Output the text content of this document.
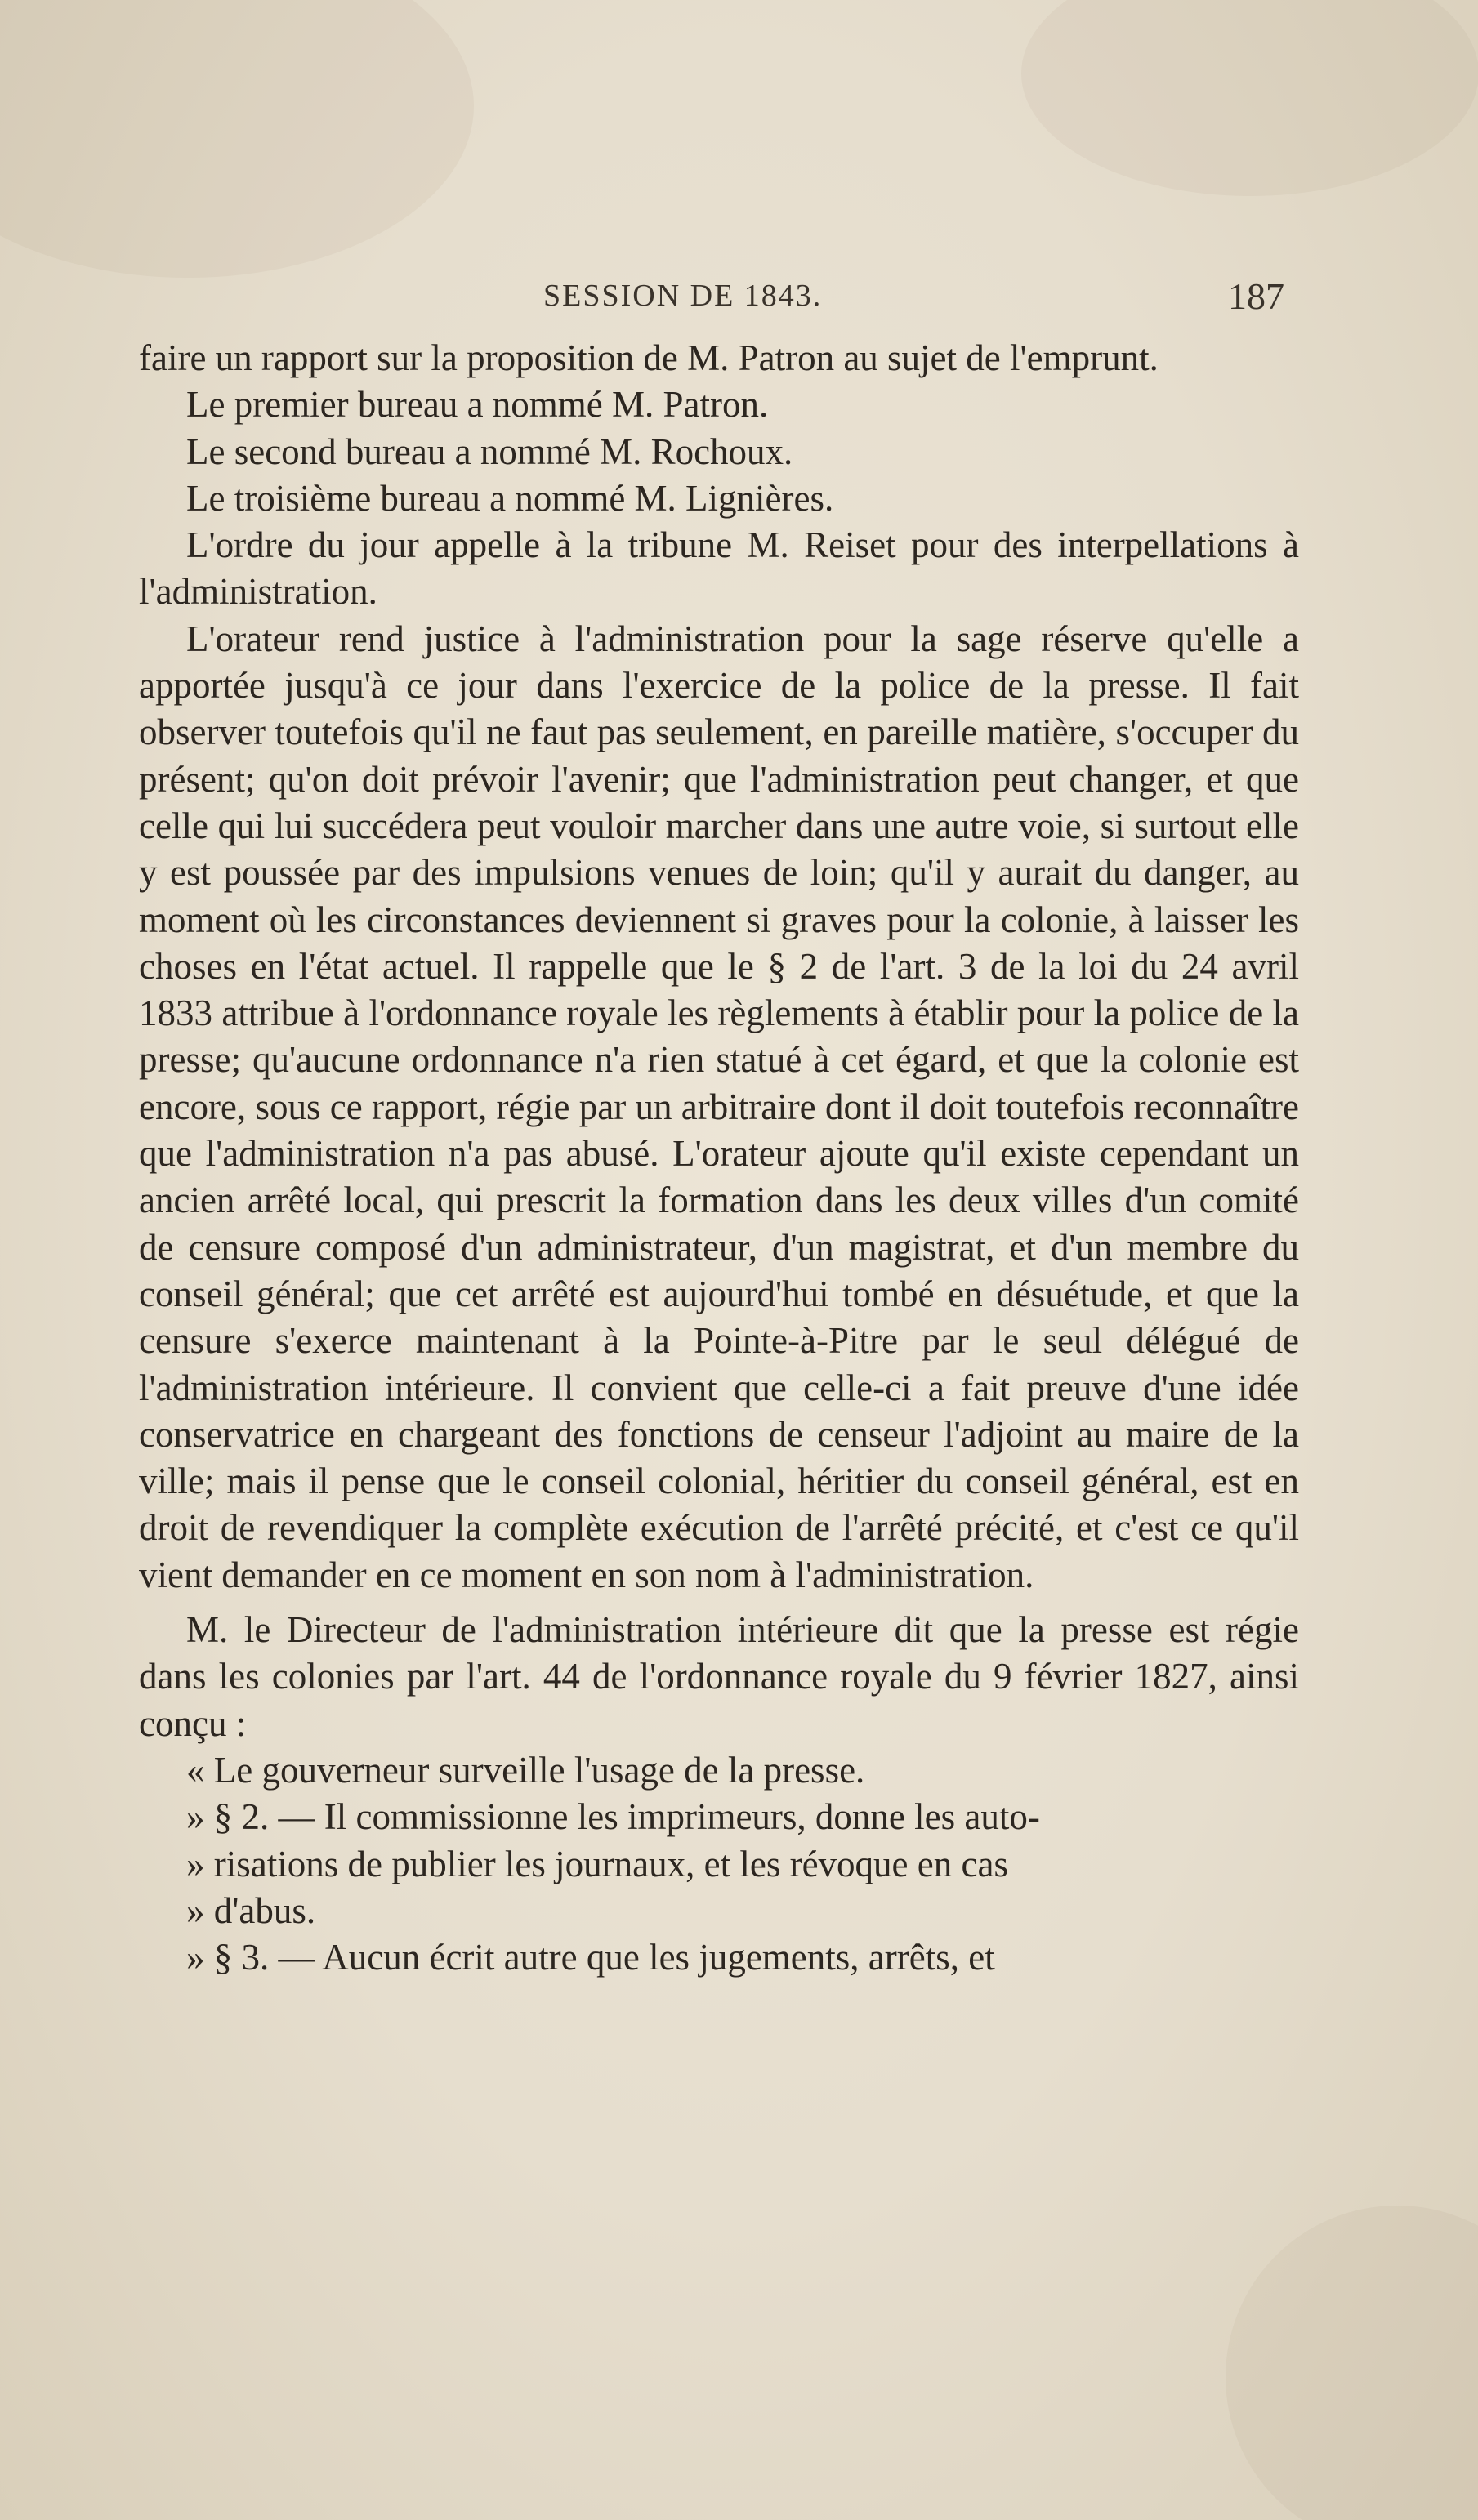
SESSION DE 1843.	187

faire un rapport sur la proposition de M. Patron au sujet de l'emprunt.

Le premier bureau a nommé M. Patron.

Le second bureau a nommé M. Rochoux.

Le troisième bureau a nommé M. Lignières.

L'ordre du jour appelle à la tribune M. Reiset pour des interpellations à l'administration.

L'orateur rend justice à l'administration pour la sage réserve qu'elle a apportée jusqu'à ce jour dans l'exercice de la police de la presse. Il fait observer toutefois qu'il ne faut pas seulement, en pareille matière, s'occuper du présent; qu'on doit prévoir l'avenir; que l'administration peut changer, et que celle qui lui succédera peut vouloir marcher dans une autre voie, si surtout elle y est poussée par des impulsions venues de loin; qu'il y aurait du danger, au moment où les circonstances deviennent si graves pour la colonie, à laisser les choses en l'état actuel. Il rappelle que le § 2 de l'art. 3 de la loi du 24 avril 1833 attribue à l'ordonnance royale les règlements à établir pour la police de la presse; qu'aucune ordonnance n'a rien statué à cet égard, et que la colonie est encore, sous ce rapport, régie par un arbitraire dont il doit toutefois reconnaître que l'administration n'a pas abusé. L'orateur ajoute qu'il existe cependant un ancien arrêté local, qui prescrit la formation dans les deux villes d'un comité de censure composé d'un administrateur, d'un magistrat, et d'un membre du conseil général; que cet arrêté est aujourd'hui tombé en désuétude, et que la censure s'exerce maintenant à la Pointe-à-Pitre par le seul délégué de l'administration intérieure. Il convient que celle-ci a fait preuve d'une idée conservatrice en chargeant des fonctions de censeur l'adjoint au maire de la ville; mais il pense que le conseil colonial, héritier du conseil général, est en droit de revendiquer la complète exécution de l'arrêté précité, et c'est ce qu'il vient demander en ce moment en son nom à l'administration.

M. le Directeur de l'administration intérieure dit que la presse est régie dans les colonies par l'art. 44 de l'ordonnance royale du 9 février 1827, ainsi conçu :

« Le gouverneur surveille l'usage de la presse.

» § 2. — Il commissionne les imprimeurs, donne les auto-

» risations de publier les journaux, et les révoque en cas

» d'abus.

» § 3. — Aucun écrit autre que les jugements, arrêts, et
